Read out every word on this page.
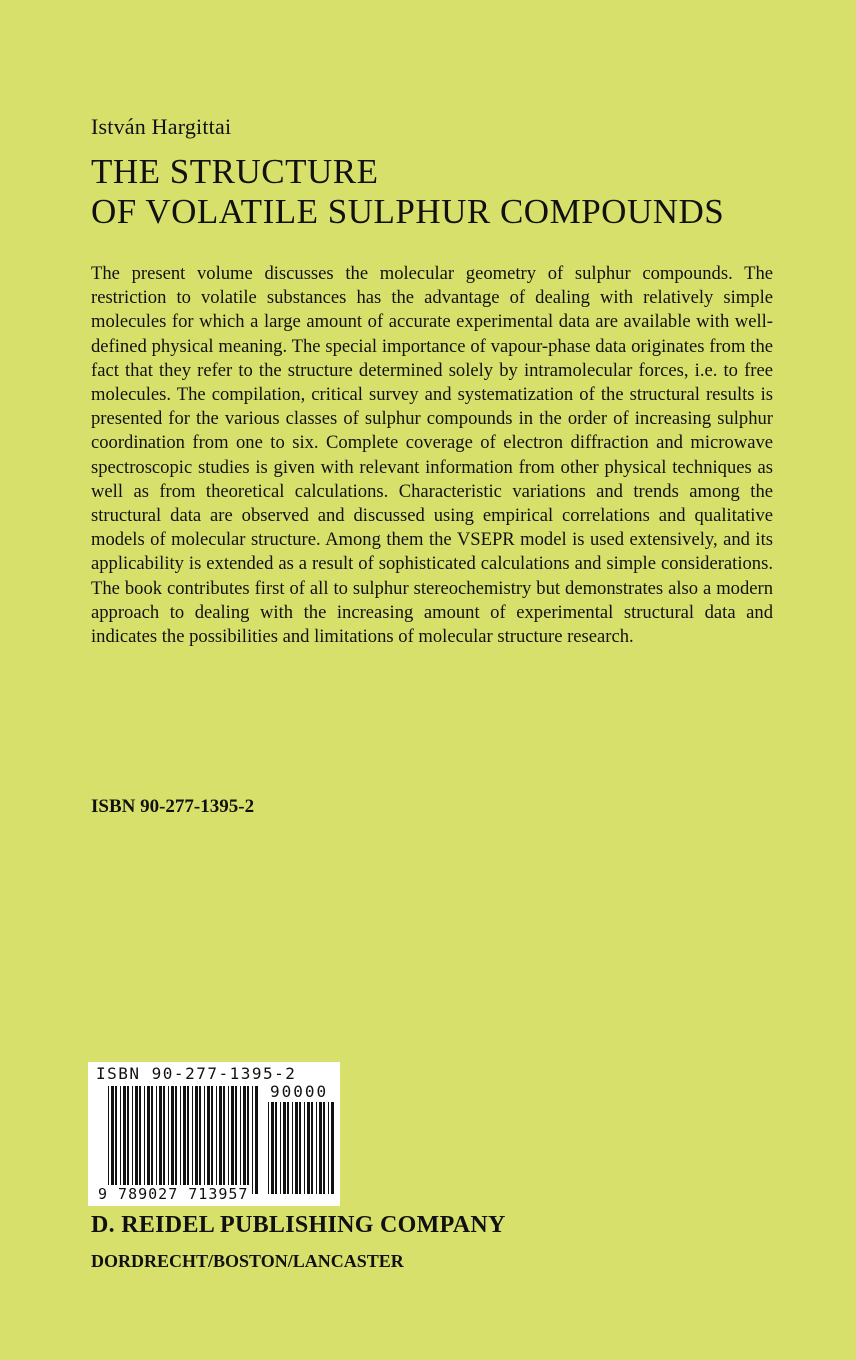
István Hargittai
THE STRUCTURE
OF VOLATILE SULPHUR COMPOUNDS

The present volume discusses the molecular geometry of sulphur compounds. The restriction to volatile substances has the advantage of dealing with relatively simple molecules for which a large amount of accurate experimental data are available with well-defined physical meaning. The special importance of vapour-phase data originates from the fact that they refer to the structure determined solely by intramolecular forces, i.e. to free molecules. The compilation, critical survey and systematization of the structural results is presented for the various classes of sulphur compounds in the order of increasing sulphur coordination from one to six. Complete coverage of electron diffraction and microwave spectroscopic studies is given with relevant information from other physical techniques as well as from theoretical calculations. Characteristic variations and trends among the structural data are observed and discussed using empirical correlations and qualitative models of molecular structure. Among them the VSEPR model is used extensively, and its applicability is extended as a result of sophisticated calculations and simple considerations. The book contributes first of all to sulphur stereochemistry but demonstrates also a modern approach to dealing with the increasing amount of experimental structural data and indicates the possibilities and limitations of molecular structure research.

ISBN 90-277-1395-2
ISBN 90-277-1395-2
90000
9 789027 713957
D. REIDEL PUBLISHING COMPANY
DORDRECHT/BOSTON/LANCASTER
